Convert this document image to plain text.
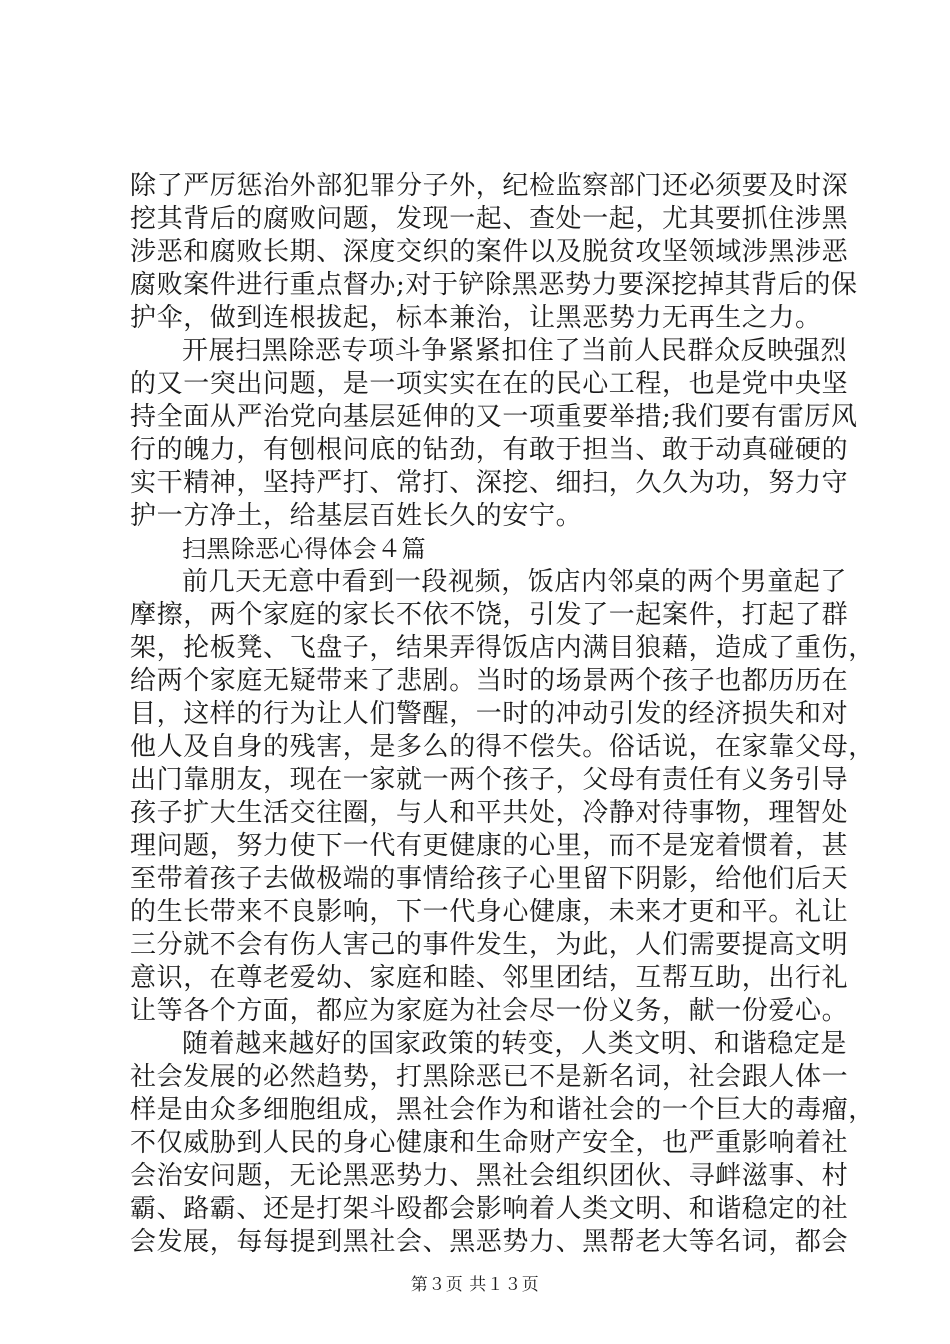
除了严厉惩治外部犯罪分子外，纪检监察部门还必须要及时深
挖其背后的腐败问题，发现一起、查处一起，尤其要抓住涉黑
涉恶和腐败长期、深度交织的案件以及脱贫攻坚领域涉黑涉恶
腐败案件进行重点督办;对于铲除黑恶势力要深挖掉其背后的保
护伞，做到连根拔起，标本兼治，让黑恶势力无再生之力。
开展扫黑除恶专项斗争紧紧扣住了当前人民群众反映强烈
的又一突出问题，是一项实实在在的民心工程，也是党中央坚
持全面从严治党向基层延伸的又一项重要举措;我们要有雷厉风
行的魄力，有刨根问底的钻劲，有敢于担当、敢于动真碰硬的
实干精神，坚持严打、常打、深挖、细扫，久久为功，努力守
护一方净土，给基层百姓长久的安宁。
扫黑除恶心得体会４篇
前几天无意中看到一段视频，饭店内邻桌的两个男童起了
摩擦，两个家庭的家长不依不饶，引发了一起案件，打起了群
架，抡板凳、飞盘子，结果弄得饭店内满目狼藉，造成了重伤，
给两个家庭无疑带来了悲剧。当时的场景两个孩子也都历历在
目，这样的行为让人们警醒，一时的冲动引发的经济损失和对
他人及自身的残害，是多么的得不偿失。俗话说，在家靠父母，
出门靠朋友，现在一家就一两个孩子，父母有责任有义务引导
孩子扩大生活交往圈，与人和平共处，冷静对待事物，理智处
理问题，努力使下一代有更健康的心里，而不是宠着惯着，甚
至带着孩子去做极端的事情给孩子心里留下阴影，给他们后天
的生长带来不良影响，下一代身心健康，未来才更和平。礼让
三分就不会有伤人害己的事件发生，为此，人们需要提高文明
意识，在尊老爱幼、家庭和睦、邻里团结，互帮互助，出行礼
让等各个方面，都应为家庭为社会尽一份义务，献一份爱心。
随着越来越好的国家政策的转变，人类文明、和谐稳定是
社会发展的必然趋势，打黑除恶已不是新名词，社会跟人体一
样是由众多细胞组成，黑社会作为和谐社会的一个巨大的毒瘤，
不仅威胁到人民的身心健康和生命财产安全，也严重影响着社
会治安问题，无论黑恶势力、黑社会组织团伙、寻衅滋事、村
霸、路霸、还是打架斗殴都会影响着人类文明、和谐稳定的社
会发展，每每提到黑社会、黑恶势力、黑帮老大等名词，都会
第３页 共１３页
